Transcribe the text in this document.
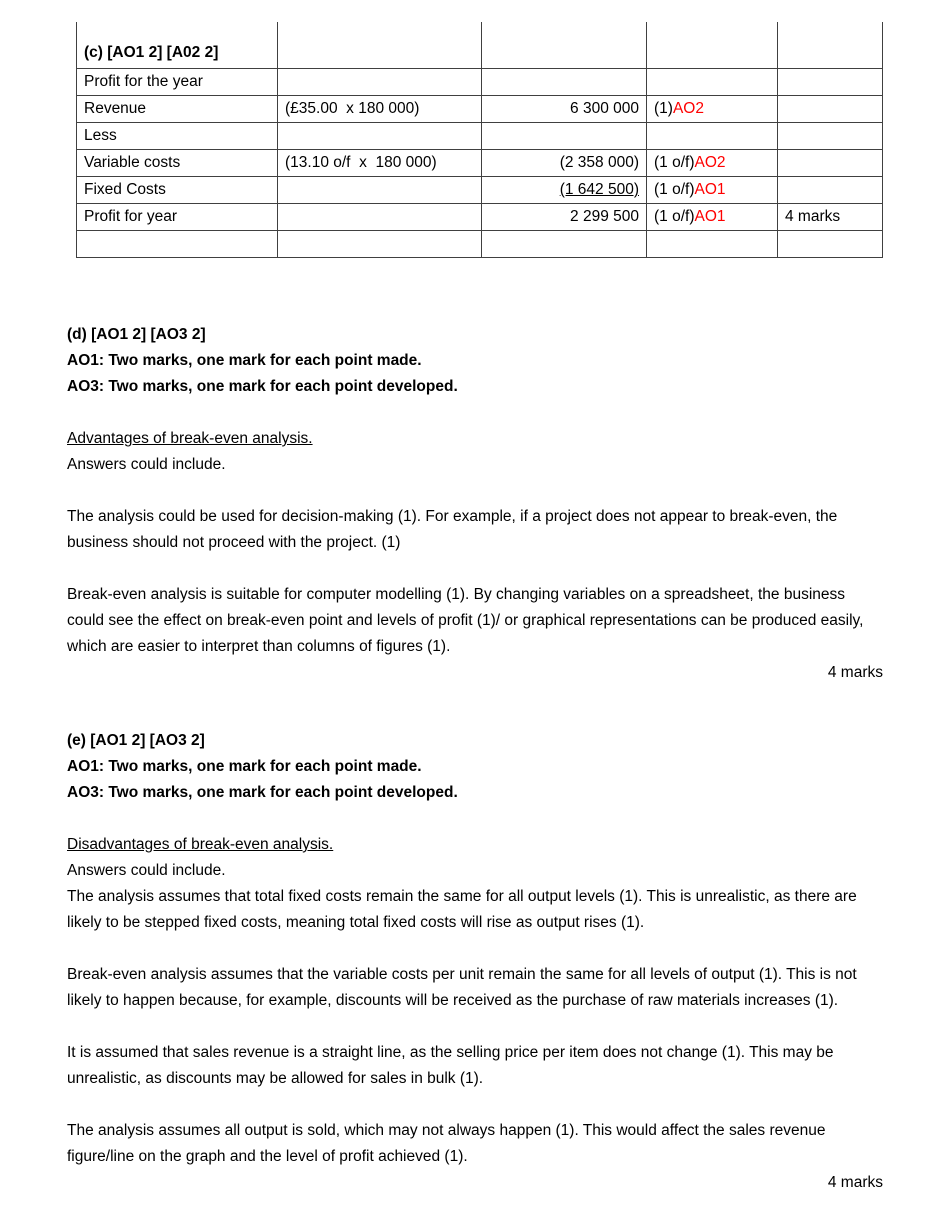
(c) [AO1 2] [A02 2]				
Profit for the year				
Revenue	(£35.00  x 180 000)	6 300 000	(1)AO2	
Less				
Variable costs	(13.10 o/f  x  180 000)	(2 358 000)	(1 o/f)AO2	
Fixed Costs		(1 642 500)	(1 o/f)AO1	
Profit for year		2 299 500	(1 o/f)AO1	4 marks

(d) [AO1 2] [AO3 2]
AO1: Two marks, one mark for each point made.
AO3: Two marks, one mark for each point developed.
Advantages of break-even analysis.
Answers could include.

The analysis could be used for decision-making (1). For example, if a project does not appear to break-even, the business should not proceed with the project. (1)

Break-even analysis is suitable for computer modelling (1). By changing variables on a spreadsheet, the business could see the effect on break-even point and levels of profit (1)/ or graphical representations can be produced easily, which are easier to interpret than columns of figures (1).

4 marks
(e) [AO1 2] [AO3 2]
AO1: Two marks, one mark for each point made.
AO3: Two marks, one mark for each point developed.
Disadvantages of break-even analysis.
Answers could include.

The analysis assumes that total fixed costs remain the same for all output levels (1). This is unrealistic, as there are likely to be stepped fixed costs, meaning total fixed costs will rise as output rises (1).

Break-even analysis assumes that the variable costs per unit remain the same for all levels of output (1). This is not likely to happen because, for example, discounts will be received as the purchase of raw materials increases (1).

It is assumed that sales revenue is a straight line, as the selling price per item does not change (1). This may be unrealistic, as discounts may be allowed for sales in bulk (1).

The analysis assumes all output is sold, which may not always happen (1). This would affect the sales revenue figure/line on the graph and the level of profit achieved (1).

4 marks
